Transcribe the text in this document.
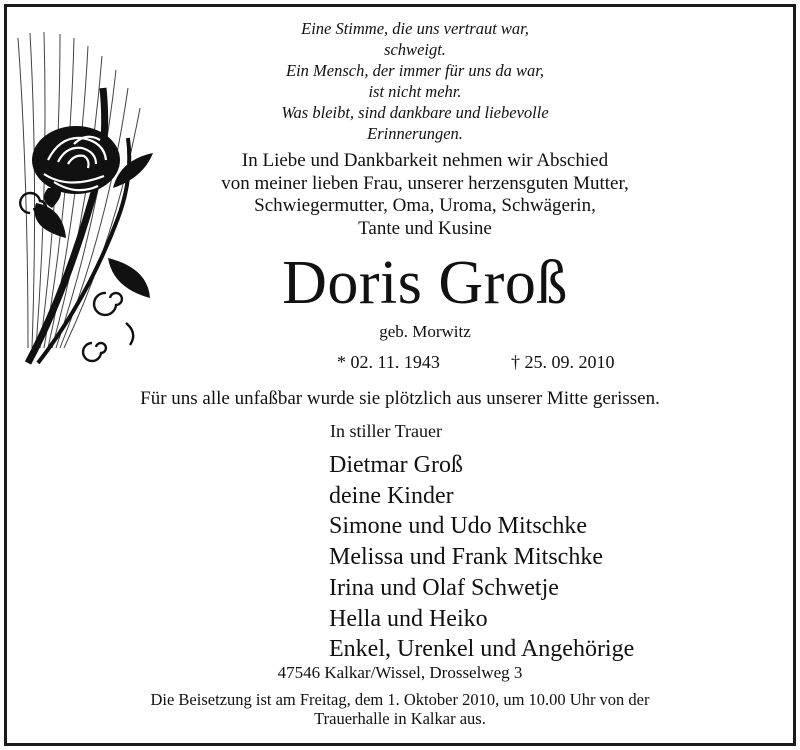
Eine Stimme, die uns vertraut war,
schweigt.
Ein Mensch, der immer für uns da war,
ist nicht mehr.
Was bleibt, sind dankbare und liebevolle
Erinnerungen.
In Liebe und Dankbarkeit nehmen wir Abschied
von meiner lieben Frau, unserer herzensguten Mutter,
Schwiegermutter, Oma, Uroma, Schwägerin,
Tante und Kusine
Doris Groß
geb. Morwitz
* 02. 11. 1943	† 25. 09. 2010
Für uns alle unfaßbar wurde sie plötzlich aus unserer Mitte gerissen.
In stiller Trauer
Dietmar Groß
deine Kinder
Simone und Udo Mitschke
Melissa und Frank Mitschke
Irina und Olaf Schwetje
Hella und Heiko
Enkel, Urenkel und Angehörige
47546 Kalkar/Wissel, Drosselweg 3
Die Beisetzung ist am Freitag, dem 1. Oktober 2010, um 10.00 Uhr von der
Trauerhalle in Kalkar aus.
